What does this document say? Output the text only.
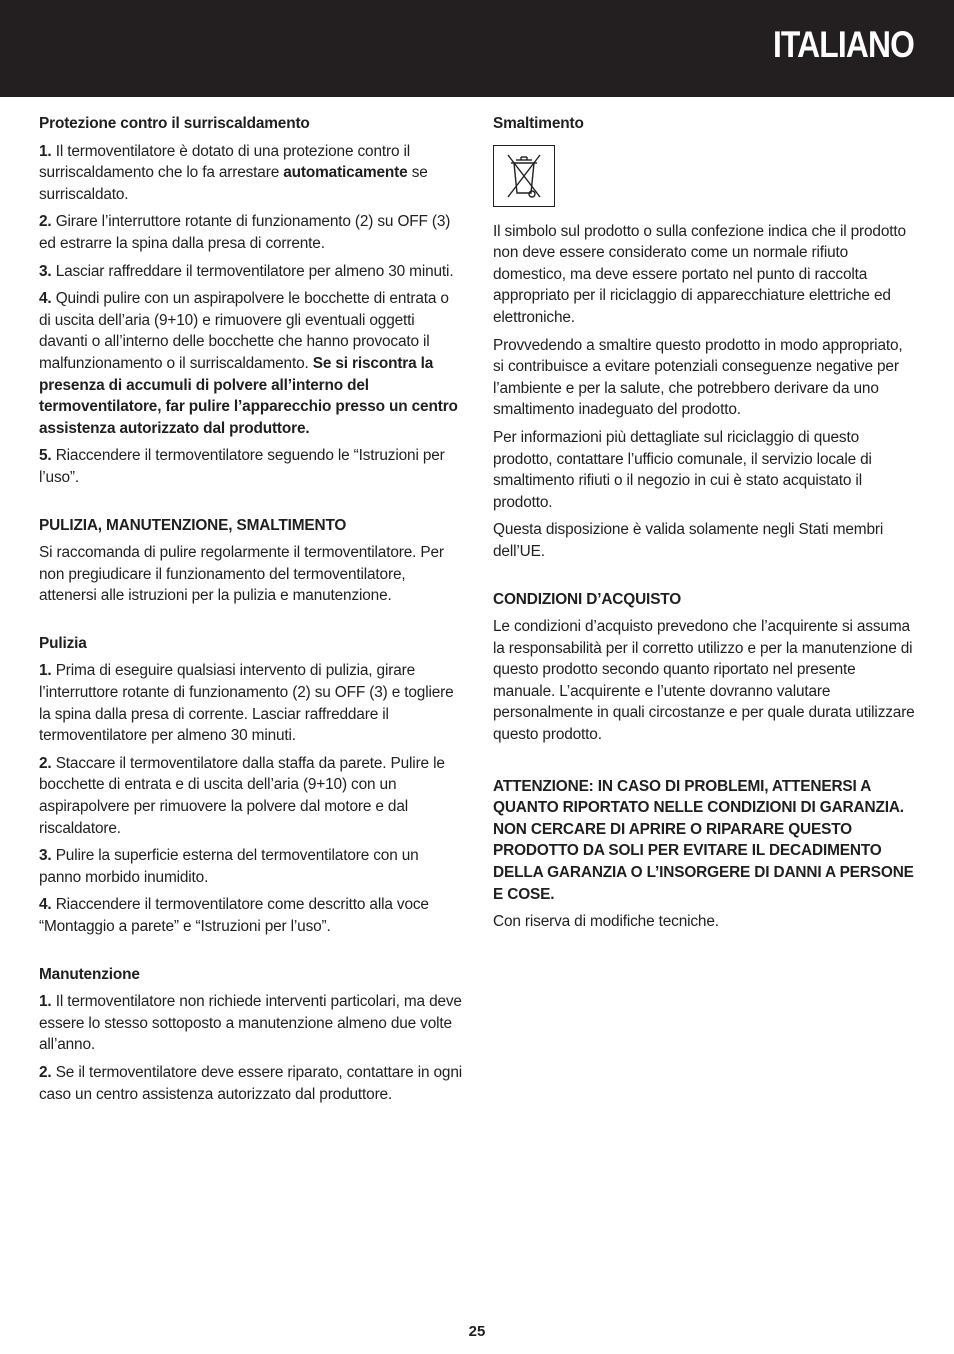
ITALIANO
Protezione contro il surriscaldamento

1. Il termoventilatore è dotato di una protezione contro il surriscaldamento che lo fa arrestare automaticamente se surriscaldato.

2. Girare l’interruttore rotante di funzionamento (2) su OFF (3) ed estrarre la spina dalla presa di corrente.

3. Lasciar raffreddare il termoventilatore per almeno 30 minuti.

4. Quindi pulire con un aspirapolvere le bocchette di entrata o di uscita dell’aria (9+10) e rimuovere gli eventuali oggetti davanti o all’interno delle bocchette che hanno provocato il malfunzionamento o il surriscaldamento. Se si riscontra la presenza di accumuli di polvere all’interno del termoventilatore, far pulire l’apparecchio presso un centro assistenza autorizzato dal produttore.

5. Riaccendere il termoventilatore seguendo le “Istruzioni per l’uso”.

PULIZIA, MANUTENZIONE, SMALTIMENTO

Si raccomanda di pulire regolarmente il termoventilatore. Per non pregiudicare il funzionamento del termoventilatore, attenersi alle istruzioni per la pulizia e manutenzione.

Pulizia

1. Prima di eseguire qualsiasi intervento di pulizia, girare l’interruttore rotante di funzionamento (2) su OFF (3) e togliere la spina dalla presa di corrente. Lasciar raffreddare il termoventilatore per almeno 30 minuti.

2. Staccare il termoventilatore dalla staffa da parete. Pulire le bocchette di entrata e di uscita dell’aria (9+10) con un aspirapolvere per rimuovere la polvere dal motore e dal riscaldatore.

3. Pulire la superficie esterna del termoventilatore con un panno morbido inumidito.

4. Riaccendere il termoventilatore come descritto alla voce “Montaggio a parete” e “Istruzioni per l’uso”.

Manutenzione

1. Il termoventilatore non richiede interventi particolari, ma deve essere lo stesso sottoposto a manutenzione almeno due volte all’anno.

2. Se il termoventilatore deve essere riparato, contattare in ogni caso un centro assistenza autorizzato dal produttore.

Smaltimento

Il simbolo sul prodotto o sulla confezione indica che il prodotto non deve essere considerato come un normale rifiuto domestico, ma deve essere portato nel punto di raccolta appropriato per il riciclaggio di apparecchiature elettriche ed elettroniche.

Provvedendo a smaltire questo prodotto in modo appropriato, si contribuisce a evitare potenziali conseguenze negative per l’ambiente e per la salute, che potrebbero derivare da uno smaltimento inadeguato del prodotto.

Per informazioni più dettagliate sul riciclaggio di questo prodotto, contattare l’ufficio comunale, il servizio locale di smaltimento rifiuti o il negozio in cui è stato acquistato il prodotto.

Questa disposizione è valida solamente negli Stati membri dell’UE.

CONDIZIONI D’ACQUISTO

Le condizioni d’acquisto prevedono che l’acquirente si assuma la responsabilità per il corretto utilizzo e per la manutenzione di questo prodotto secondo quanto riportato nel presente manuale. L’acquirente e l’utente dovranno valutare personalmente in quali circostanze e per quale durata utilizzare questo prodotto.

ATTENZIONE: IN CASO DI PROBLEMI, ATTENERSI A QUANTO RIPORTATO NELLE CONDIZIONI DI GARANZIA. NON CERCARE DI APRIRE O RIPARARE QUESTO PRODOTTO DA SOLI PER EVITARE IL DECADIMENTO DELLA GARANZIA O L’INSORGERE DI DANNI A PERSONE E COSE.

Con riserva di modifiche tecniche.

25
